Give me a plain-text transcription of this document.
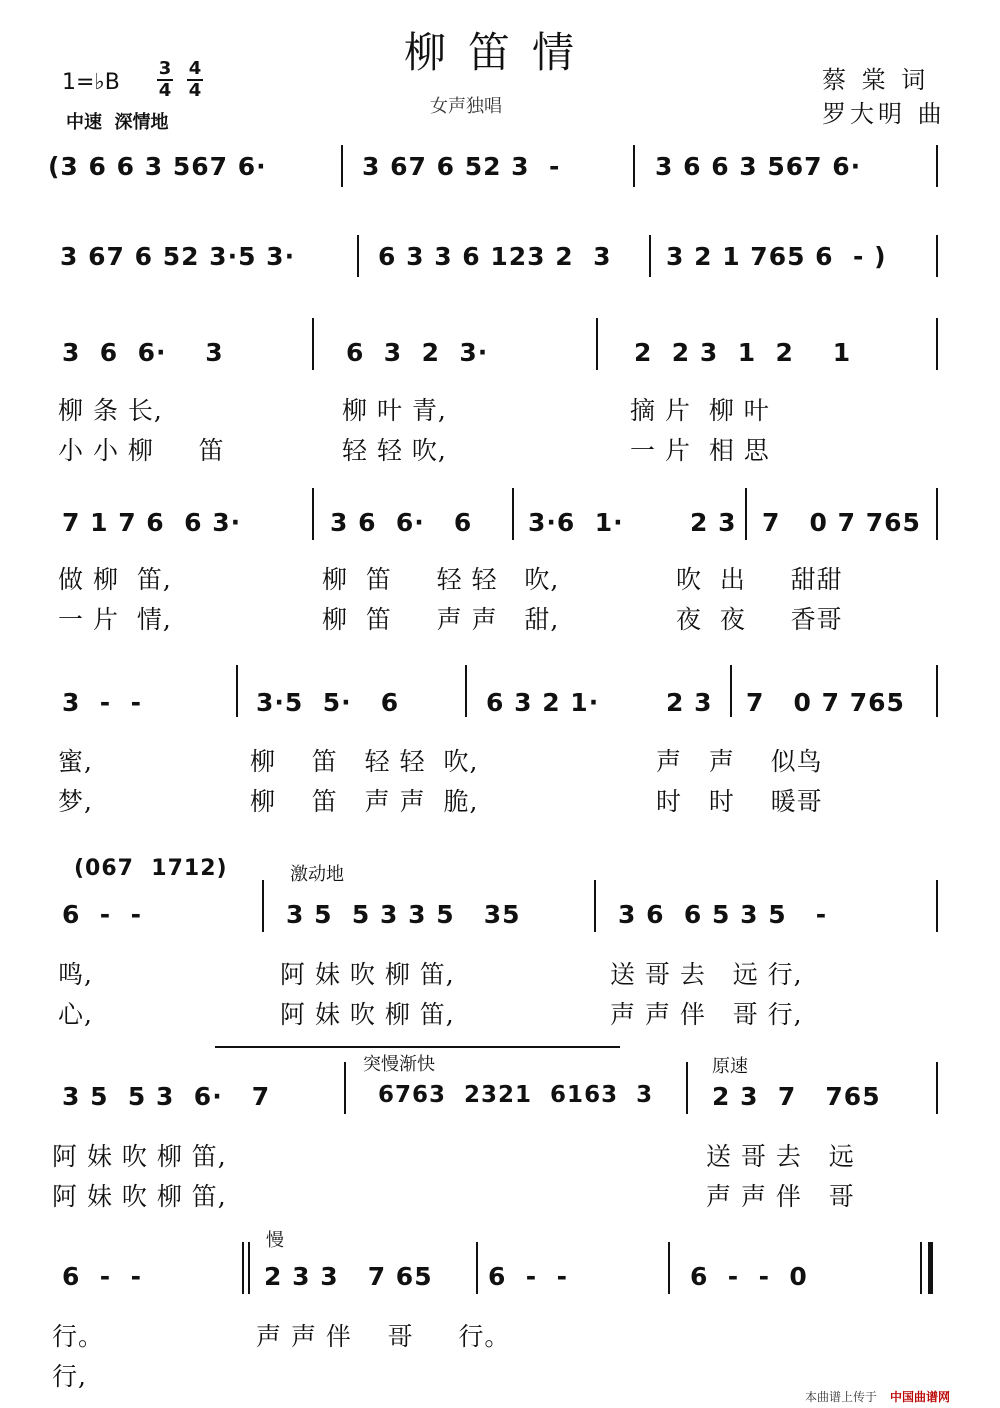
柳笛情
1=♭B
3
4
4
4
中速  深情地
女声独唱
蔡 棠 词
罗大明 曲
(3 6 6 3 567 6·	3 67 6 52 3  -	3 6 6 3 567 6·
3 67 6 52 3·5 3·	6 3 3 6 123 2  3 3 2 1 765 6  - )
3  6  6·    3	6  3  2  3·	2  2 3  1  2    1
柳 条 长,	柳 叶 青,	摘 片  柳 叶
小 小 柳     笛	轻 轻 吹,	一 片  相 思
7 1 7 6  6 3·	3 6  6·   6 3·6  1·	2 3 7   0 7 765
做 柳  笛,	柳  笛     轻 轻   吹,	吹  出     甜甜
一 片  情,	柳  笛     声 声   甜,	夜  夜     香哥
3  -  -	3·5  5·   6	6 3 2 1·	2 3 7   0 7 765
蜜,	柳    笛   轻 轻  吹,	声   声    似鸟
梦,	柳    笛   声 声  脆,	时   时    暖哥
(067  1712)	激动地
6  -  -	3 5  5 3 3 5   35	3 6  6 5 3 5   -
鸣,	阿 妹 吹 柳 笛,	送 哥 去   远 行,
心,	阿 妹 吹 柳 笛,	声 声 伴   哥 行,
突慢渐快	原速
3 5  5 3  6·   7	6763  2321  6163  3 2 3  7   765
阿 妹 吹 柳 笛,	送 哥 去   远
阿 妹 吹 柳 笛,	声 声 伴   哥
慢
6  -  -	2 3 3   7 65 6  -  -	6  -  -  0
行。	声 声 伴    哥     行。
行,
本曲谱上传于 中国曲谱网
